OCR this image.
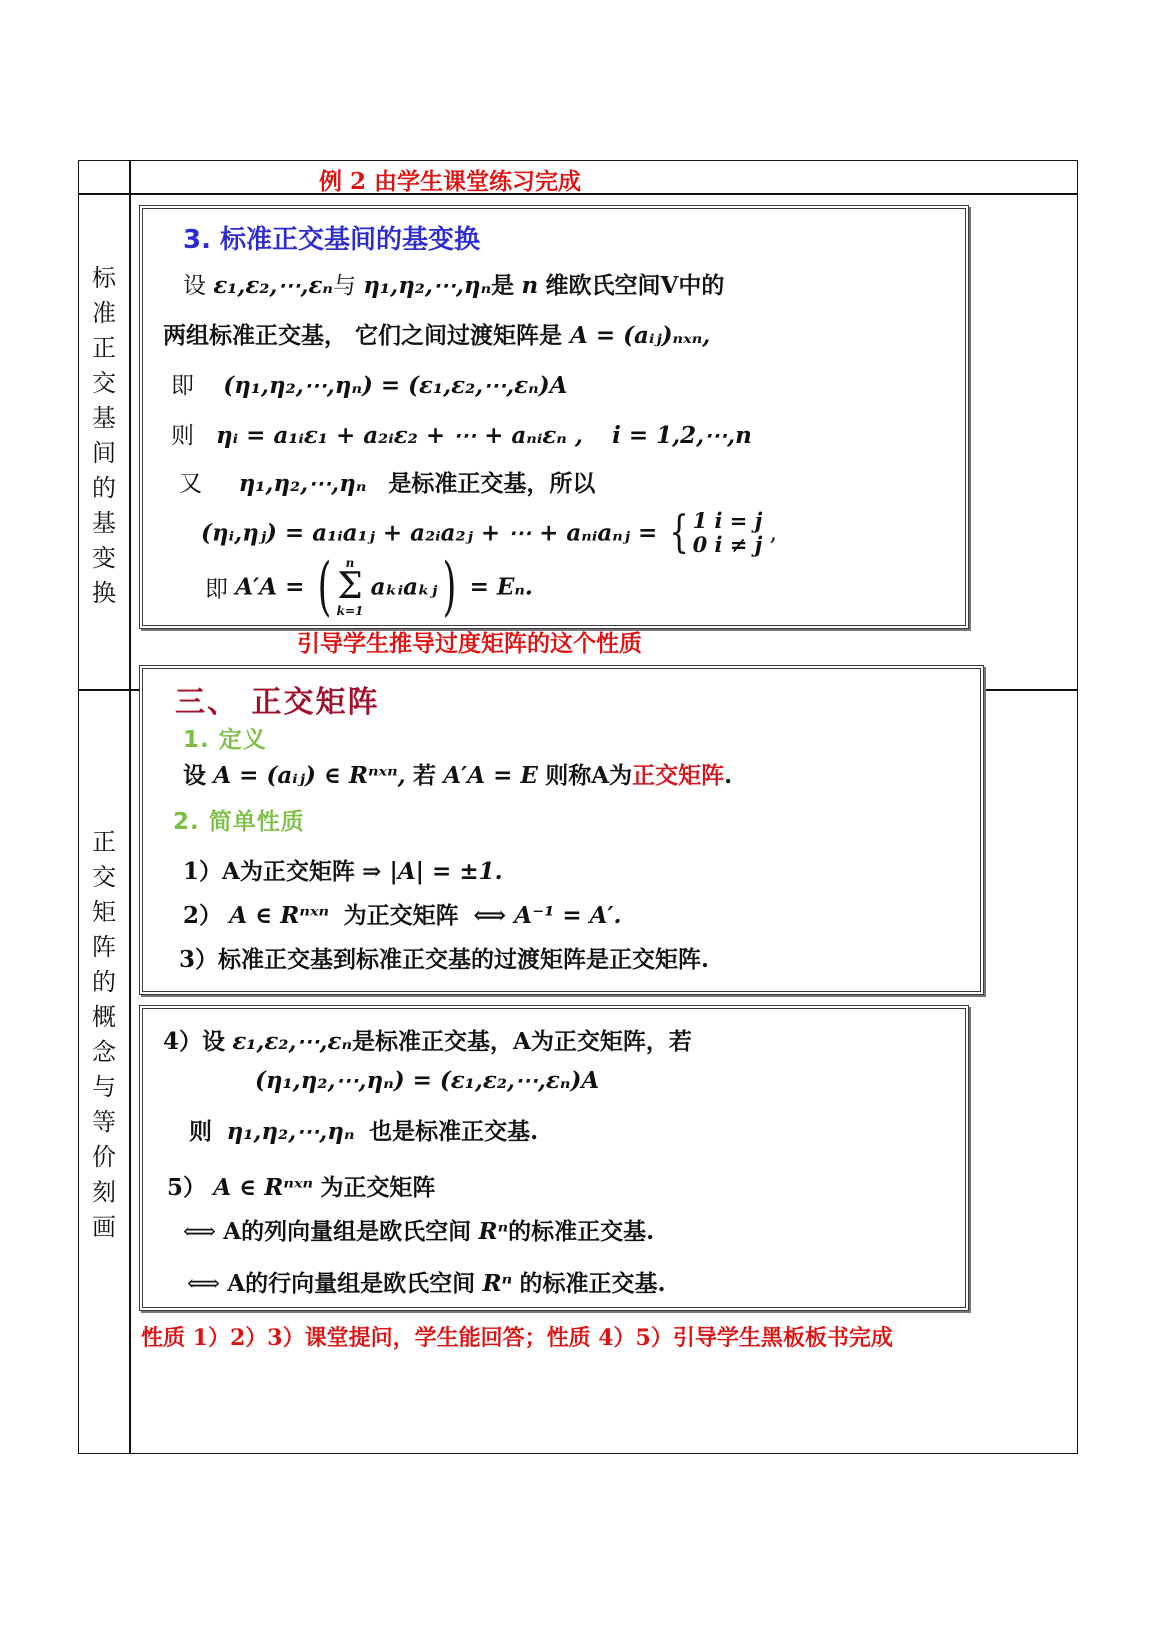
例 2 由学生课堂练习完成
标
准
正
交
基
间
的
基
变
换
3. 标准正交基间的基变换
设 ε₁,ε₂,⋯,εₙ与 η₁,η₂,⋯,ηₙ是 n 维欧氏空间V中的
两组标准正交基， 它们之间过渡矩阵是 A = (aᵢⱼ)ₙₓₙ,
即 (η₁,η₂,⋯,ηₙ) = (ε₁,ε₂,⋯,εₙ)A
则 ηᵢ = a₁ᵢε₁ + a₂ᵢε₂ + ⋯ + aₙᵢεₙ , i = 1,2,⋯,n
又 η₁,η₂,⋯,ηₙ 是标准正交基，所以
(ηᵢ,ηⱼ) = a₁ᵢa₁ⱼ + a₂ᵢa₂ⱼ + ⋯ + aₙᵢaₙⱼ = { 1 i = j
0 i ≠ j ,
即 A′A = (	n
Σ
k=1
aₖᵢaₖⱼ) = Eₙ.
引导学生推导过度矩阵的这个性质
正
交
矩
阵
的
概
念
与
等
价
刻
画
三、 正交矩阵
1. 定义
设 A = (aᵢⱼ) ∈ Rⁿˣⁿ, 若 A′A = E 则称A为正交矩阵.
2. 简单性质
1）A为正交矩阵 ⇒ |A| = ±1.
2） A ∈ Rⁿˣⁿ 为正交矩阵 ⟺ A⁻¹ = A′.
3）标准正交基到标准正交基的过渡矩阵是正交矩阵.
4）设 ε₁,ε₂,⋯,εₙ是标准正交基，A为正交矩阵，若
(η₁,η₂,⋯,ηₙ) = (ε₁,ε₂,⋯,εₙ)A
则 η₁,η₂,⋯,ηₙ 也是标准正交基.
5） A ∈ Rⁿˣⁿ 为正交矩阵
⟺ A的列向量组是欧氏空间 Rⁿ的标准正交基.
⟺ A的行向量组是欧氏空间 Rⁿ 的标准正交基.
性质 1）2）3）课堂提问，学生能回答；性质 4）5）引导学生黑板板书完成
